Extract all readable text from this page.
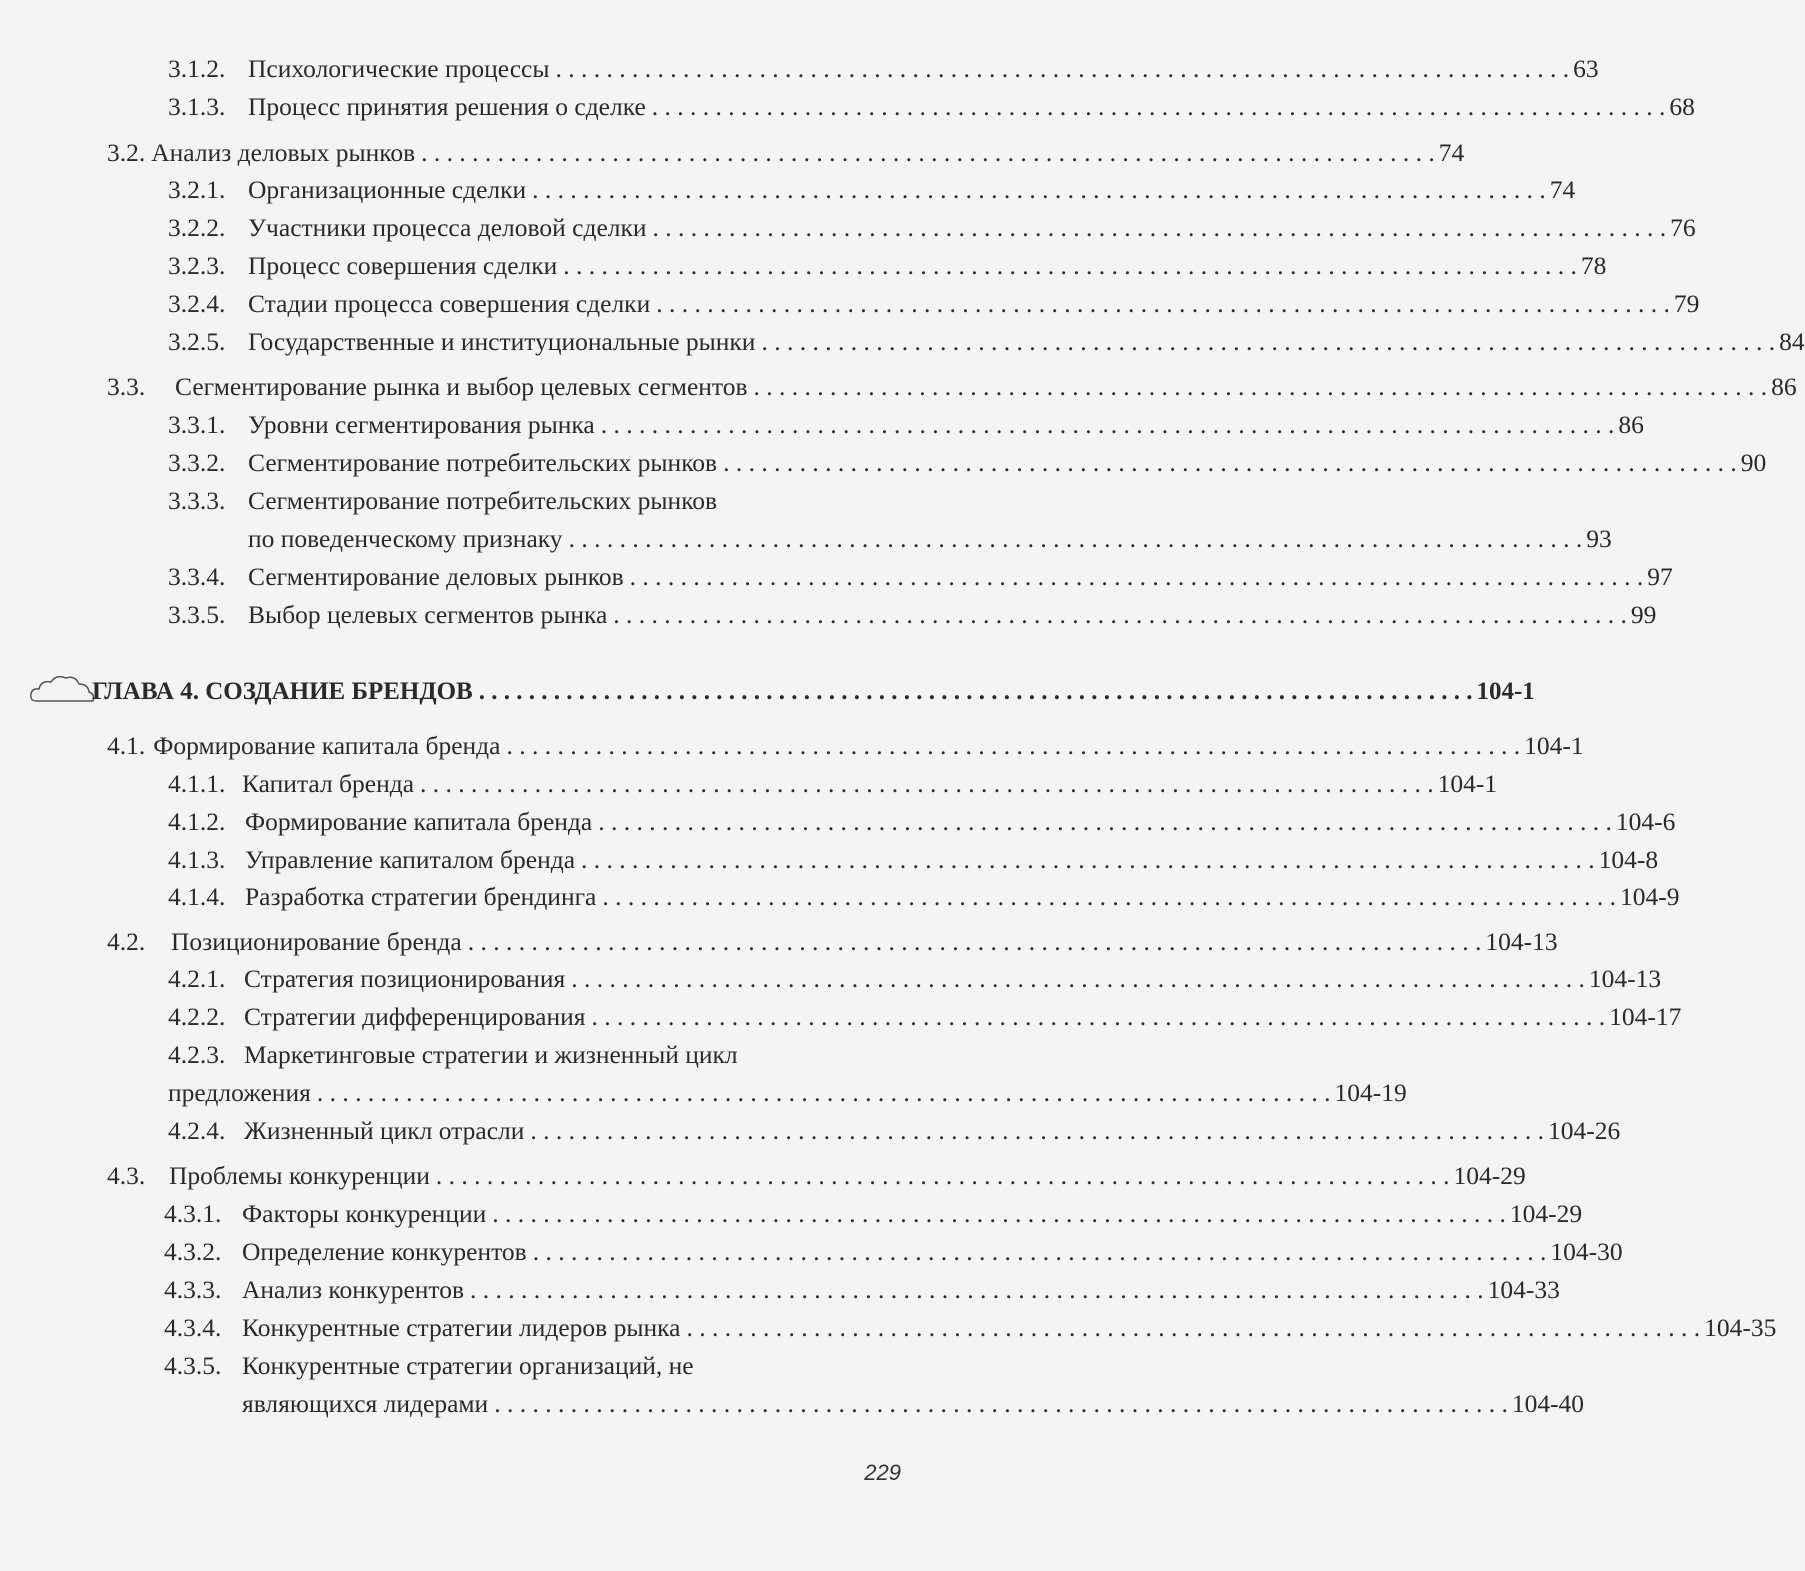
3.1.2. Психологические процессы . . .	63
3.1.3. Процесс принятия решения о сделке . . .	68
3.2. Анализ деловых рынков . . .	74
3.2.1. Организационные сделки . . .	74
3.2.2. Участники процесса деловой сделки . . .	76
3.2.3. Процесс совершения сделки . . .	78
3.2.4. Стадии процесса совершения сделки . . .	79
3.2.5. Государственные и институциональные рынки . . .	84
3.3.	Сегментирование рынка и выбор целевых сегментов . . .	86
3.3.1. Уровни сегментирования рынка . . .	86
3.3.2. Сегментирование потребительских рынков . . .	90
3.3.3. Сегментирование потребительских рынков
по поведенческому признаку . . .	93
3.3.4. Сегментирование деловых рынков . . .	97
3.3.5. Выбор целевых сегментов рынка . . .	99
ГЛАВА 4. СОЗДАНИЕ БРЕНДОВ . . .	104-1
4.1. Формирование капитала бренда . . .	104-1
4.1.1. Капитал бренда . . .	104-1
4.1.2. Формирование капитала бренда . . .	104-6
4.1.3. Управление капиталом бренда . . .	104-8
4.1.4. Разработка стратегии брендинга . . .	104-9
4.2.	Позиционирование бренда . . .	104-13
4.2.1. Стратегия позиционирования . . .	104-13
4.2.2. Стратегии дифференцирования . . .	104-17
4.2.3. Маркетинговые стратегии и жизненный цикл
предложения . . .	104-19
4.2.4. Жизненный цикл отрасли . . .	104-26
4.3. Проблемы конкуренции . . .	104-29
4.3.1. Факторы конкуренции . . .	104-29
4.3.2. Определение конкурентов . . .	104-30
4.3.3. Анализ конкурентов . . .	104-33
4.3.4. Конкурентные стратегии лидеров рынка . . .	104-35
4.3.5. Конкурентные стратегии организаций, не
являющихся лидерами . . .	104-40
229
